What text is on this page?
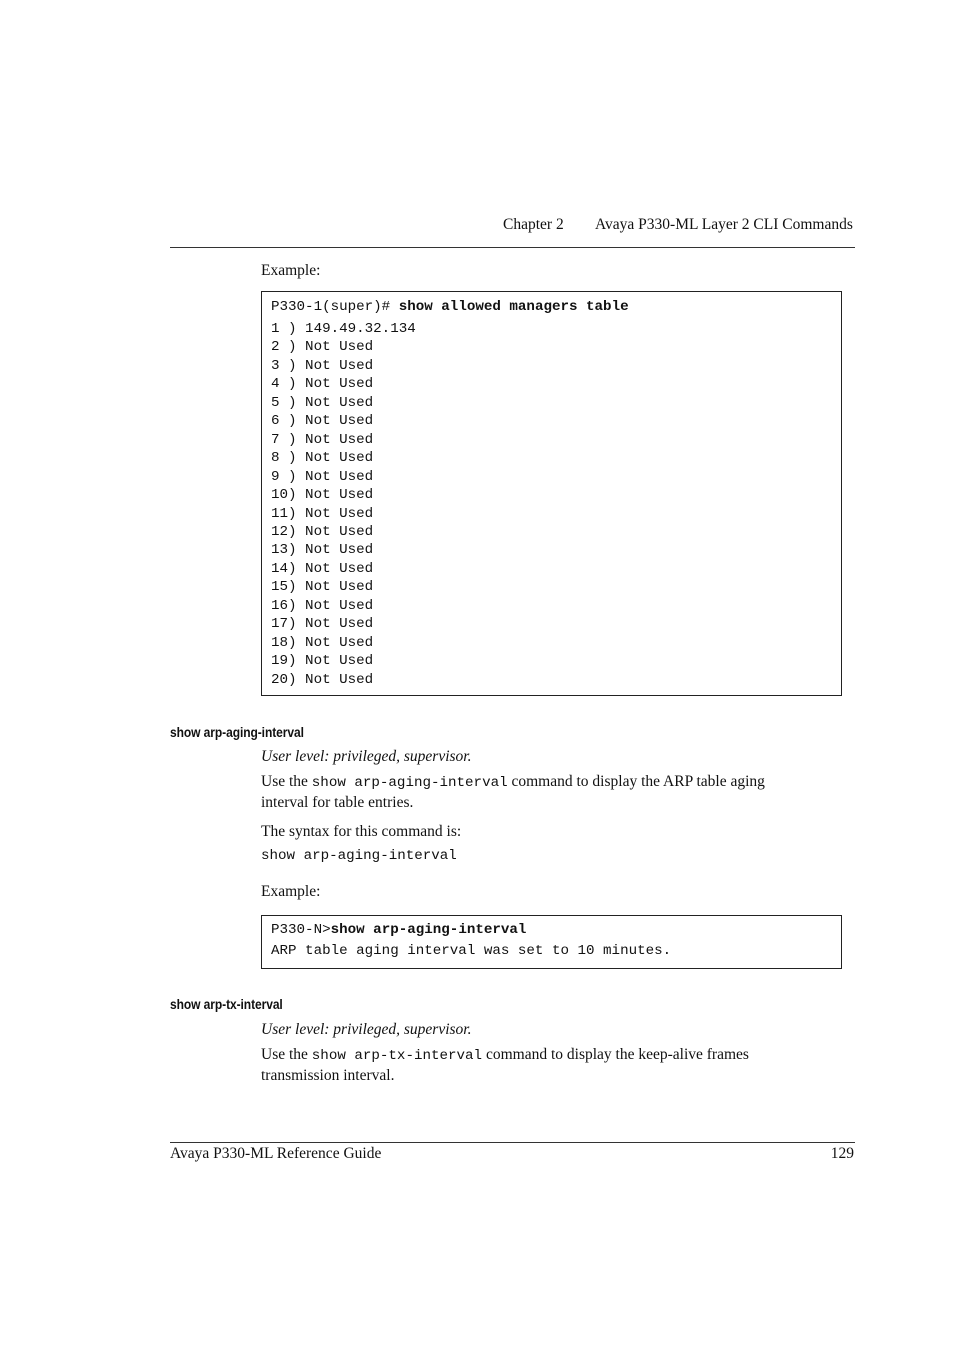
Chapter 2 Avaya P330-ML Layer 2 CLI Commands
Example:
P330-1(super)# show allowed managers table
1 ) 149.49.32.134
2 ) Not Used
3 ) Not Used
4 ) Not Used
5 ) Not Used
6 ) Not Used
7 ) Not Used
8 ) Not Used
9 ) Not Used
10) Not Used
11) Not Used
12) Not Used
13) Not Used
14) Not Used
15) Not Used
16) Not Used
17) Not Used
18) Not Used
19) Not Used
20) Not Used
show arp-aging-interval
User level: privileged, supervisor.
Use the show arp-aging-interval command to display the ARP table aging
interval for table entries.
The syntax for this command is:
show arp-aging-interval
Example:
P330-N>show arp-aging-interval
ARP table aging interval was set to 10 minutes.
show arp-tx-interval
User level: privileged, supervisor.
Use the show arp-tx-interval command to display the keep-alive frames
transmission interval.
Avaya P330-ML Reference Guide	129
